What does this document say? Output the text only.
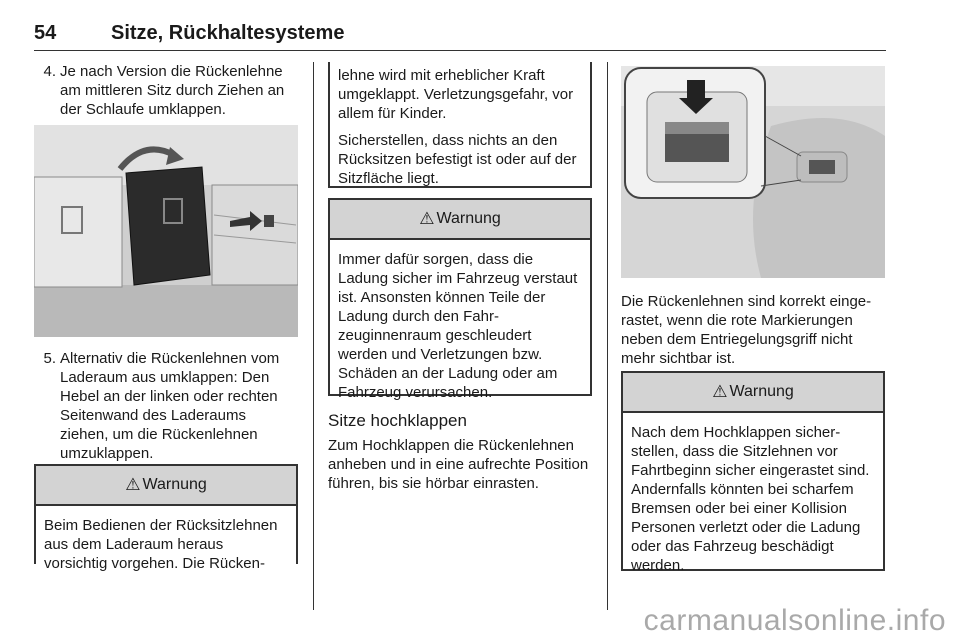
54	Sitze, Rückhaltesysteme
4. Je nach Version die Rückenlehne am mittleren Sitz durch Ziehen an der Schlaufe umklappen.
5. Alternativ die Rückenlehnen vom Laderaum aus umklappen: Den Hebel an der linken oder rechten Seitenwand des Laderaums ziehen, um die Rückenlehnen umzuklappen.
⚠ Warnung
Beim Bedienen der Rücksitzlehnen aus dem Laderaum heraus vorsichtig vorgehen. Die Rücken-

lehne wird mit erheblicher Kraft umgeklappt. Verletzungsgefahr, vor allem für Kinder.

Sicherstellen, dass nichts an den Rücksitzen befestigt ist oder auf der Sitzfläche liegt.

⚠ Warnung
Immer dafür sorgen, dass die Ladung sicher im Fahrzeug verstaut ist. Ansonsten können Teile der Ladung durch den Fahrzeuginnenraum geschleudert werden und Verletzungen bzw. Schäden an der Ladung oder am Fahrzeug verursachen.

Sitze hochklappen

Zum Hochklappen die Rückenlehnen anheben und in eine aufrechte Position führen, bis sie hörbar einrasten.

Die Rückenlehnen sind korrekt eingerastet, wenn die rote Markierungen neben dem Entriegelungsgriff nicht mehr sichtbar ist.

⚠ Warnung
Nach dem Hochklappen sicherstellen, dass die Sitzlehnen vor Fahrtbeginn sicher eingerastet sind. Andernfalls könnten bei scharfem Bremsen oder bei einer Kollision Personen verletzt oder die Ladung oder das Fahrzeug beschädigt werden.
carmanualsonline.info
